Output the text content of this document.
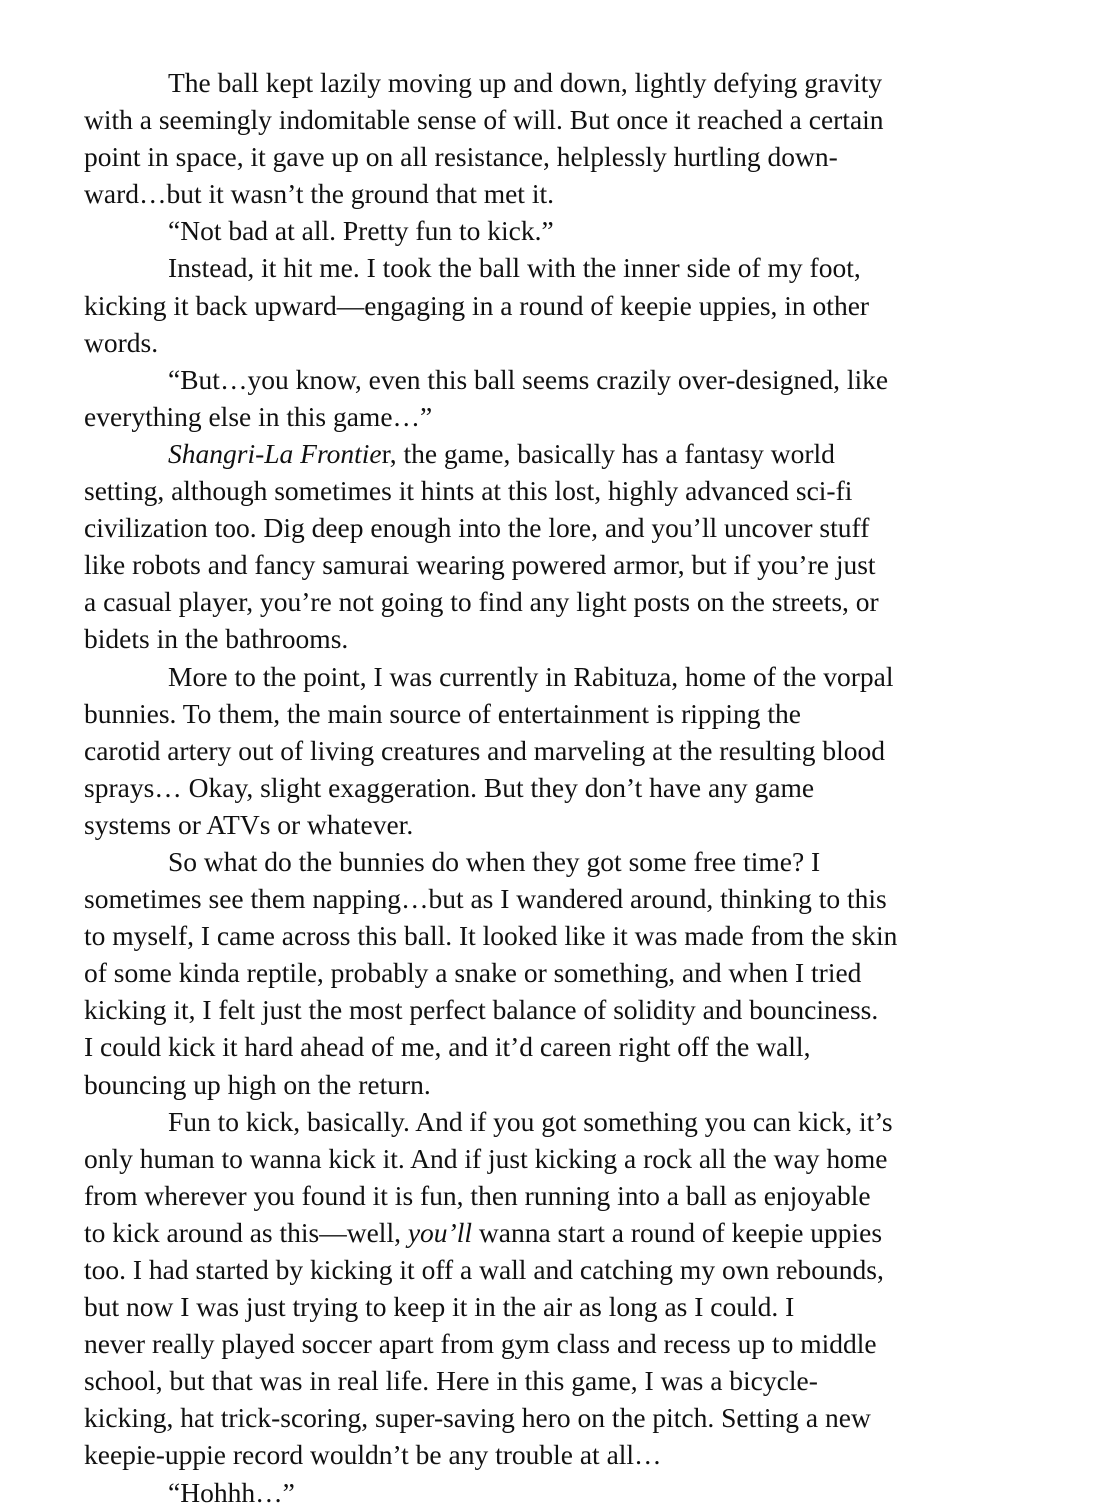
The ball kept lazily moving up and down, lightly defying gravity
with a seemingly indomitable sense of will. But once it reached a certain
point in space, it gave up on all resistance, helplessly hurtling down-
ward…but it wasn’t the ground that met it.

“Not bad at all. Pretty fun to kick.”

Instead, it hit me. I took the ball with the inner side of my foot,
kicking it back upward—engaging in a round of keepie uppies, in other
words.

“But…you know, even this ball seems crazily over-designed, like
everything else in this game…”

Shangri-La Frontier, the game, basically has a fantasy world
setting, although sometimes it hints at this lost, highly advanced sci-fi
civilization too. Dig deep enough into the lore, and you’ll uncover stuff
like robots and fancy samurai wearing powered armor, but if you’re just
a casual player, you’re not going to find any light posts on the streets, or
bidets in the bathrooms.

More to the point, I was currently in Rabituza, home of the vorpal
bunnies. To them, the main source of entertainment is ripping the
carotid artery out of living creatures and marveling at the resulting blood
sprays… Okay, slight exaggeration. But they don’t have any game
systems or ATVs or whatever.

So what do the bunnies do when they got some free time? I
sometimes see them napping…but as I wandered around, thinking to this
to myself, I came across this ball. It looked like it was made from the skin
of some kinda reptile, probably a snake or something, and when I tried
kicking it, I felt just the most perfect balance of solidity and bounciness.
I could kick it hard ahead of me, and it’d careen right off the wall,
bouncing up high on the return.

Fun to kick, basically. And if you got something you can kick, it’s
only human to wanna kick it. And if just kicking a rock all the way home
from wherever you found it is fun, then running into a ball as enjoyable
to kick around as this—well, you’ll wanna start a round of keepie uppies
too. I had started by kicking it off a wall and catching my own rebounds,
but now I was just trying to keep it in the air as long as I could. I
never really played soccer apart from gym class and recess up to middle
school, but that was in real life. Here in this game, I was a bicycle-
kicking, hat trick-scoring, super-saving hero on the pitch. Setting a new
keepie-uppie record wouldn’t be any trouble at all…

“Hohhh…”
